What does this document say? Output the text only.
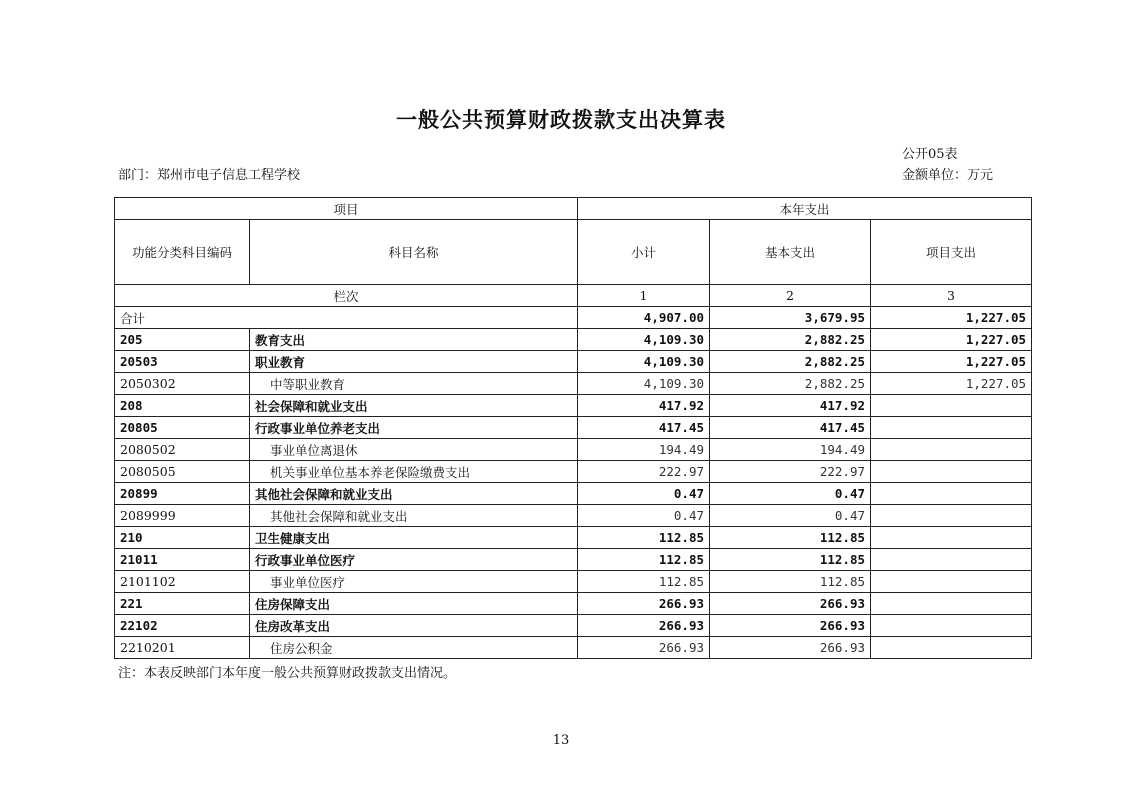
一般公共预算财政拨款支出决算表
公开05表
部门：郑州市电子信息工程学校	金额单位：万元
项目		本年支出		
功能分类科目编码	科目名称	小计	基本支出	项目支出
栏次		1	2	3
合计		4,907.00	3,679.95	1,227.05
205	教育支出	4,109.30	2,882.25	1,227.05
20503	职业教育	4,109.30	2,882.25	1,227.05
2050302	中等职业教育	4,109.30	2,882.25	1,227.05
208	社会保障和就业支出	417.92	417.92	
20805	行政事业单位养老支出	417.45	417.45	
2080502	事业单位离退休	194.49	194.49	
2080505	机关事业单位基本养老保险缴费支出	222.97	222.97	
20899	其他社会保障和就业支出	0.47	0.47	
2089999	其他社会保障和就业支出	0.47	0.47	
210	卫生健康支出	112.85	112.85	
21011	行政事业单位医疗	112.85	112.85	
2101102	事业单位医疗	112.85	112.85	
221	住房保障支出	266.93	266.93	
22102	住房改革支出	266.93	266.93	
2210201	住房公积金	266.93	266.93	
注：本表反映部门本年度一般公共预算财政拨款支出情况。
13
